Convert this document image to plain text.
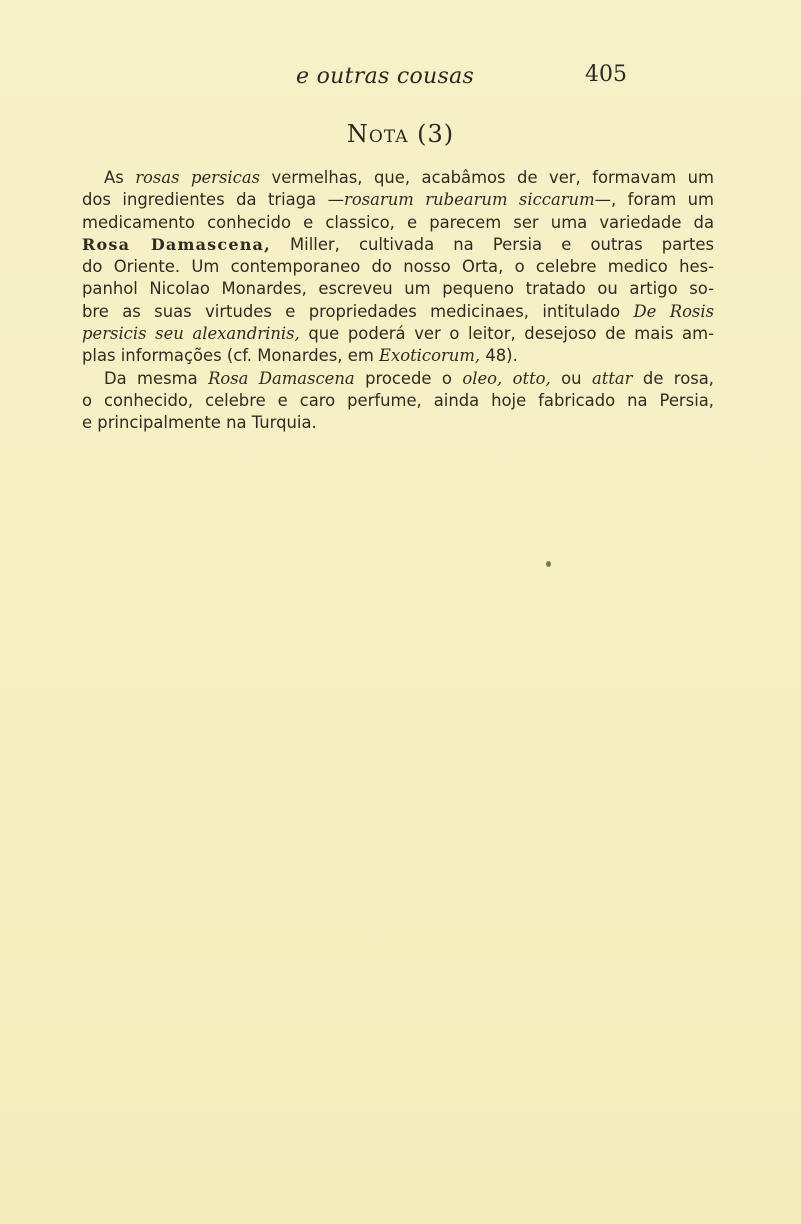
e outras cousas	405
Nota (3)
As rosas persicas vermelhas, que, acabâmos de ver, formavam um
dos ingredientes da triaga —rosarum rubearum siccarum—, foram um
medicamento conhecido e classico, e parecem ser uma variedade da
Rosa Damascena, Miller, cultivada na Persia e outras partes
do Oriente. Um contemporaneo do nosso Orta, o celebre medico hes-
panhol Nicolao Monardes, escreveu um pequeno tratado ou artigo so-
bre as suas virtudes e propriedades medicinaes, intitulado De Rosis
persicis seu alexandrinis, que poderá ver o leitor, desejoso de mais am-
plas informações (cf. Monardes, em Exoticorum, 48).
Da mesma Rosa Damascena procede o oleo, otto, ou attar de rosa,
o conhecido, celebre e caro perfume, ainda hoje fabricado na Persia,
e principalmente na Turquia.
